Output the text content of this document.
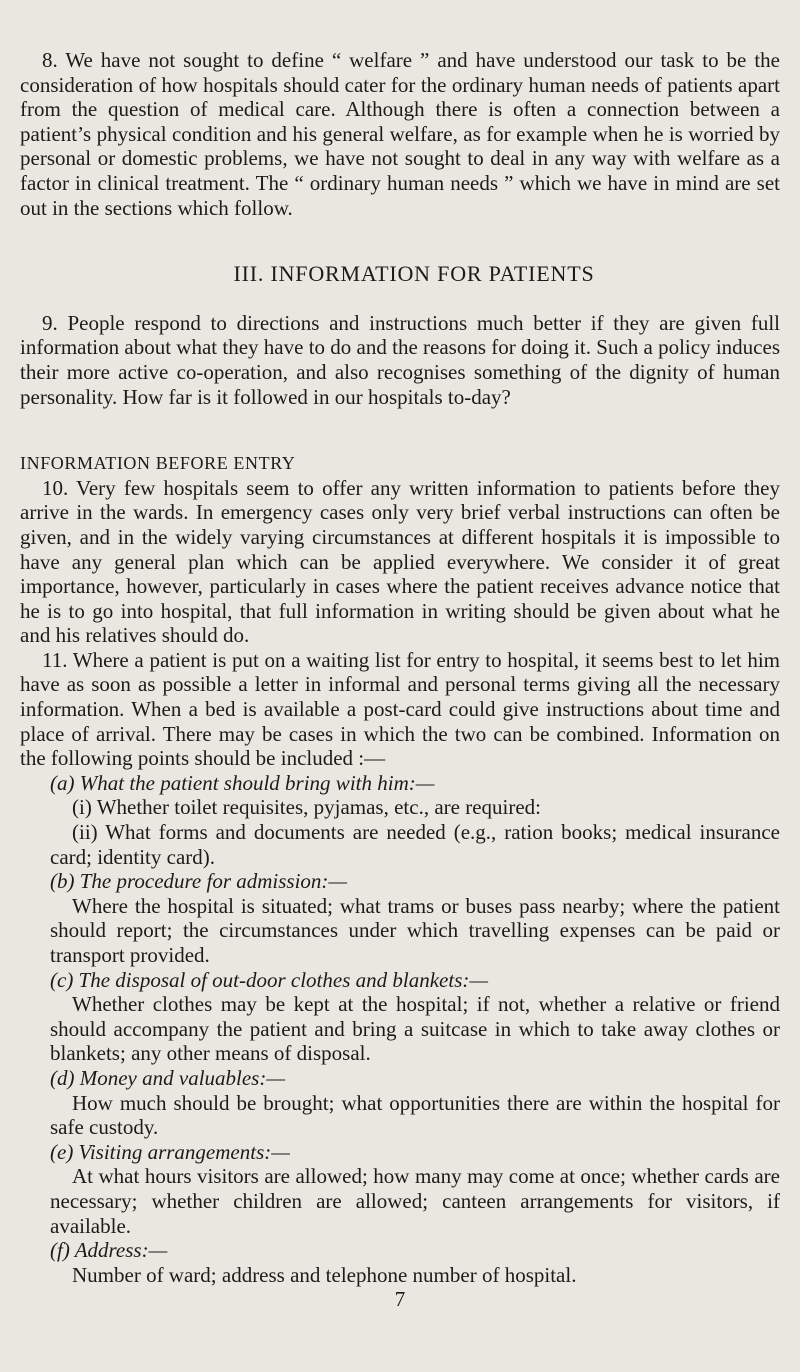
8. We have not sought to define “ welfare ” and have understood our task to be the consideration of how hospitals should cater for the ordinary human needs of patients apart from the question of medical care. Although there is often a connection between a patient’s physical condition and his general welfare, as for example when he is worried by personal or domestic problems, we have not sought to deal in any way with welfare as a factor in clinical treatment. The “ ordinary human needs ” which we have in mind are set out in the sections which follow.

III. INFORMATION FOR PATIENTS

9. People respond to directions and instructions much better if they are given full information about what they have to do and the reasons for doing it. Such a policy induces their more active co-operation, and also recognises something of the dignity of human personality. How far is it followed in our hospitals to-day?

INFORMATION BEFORE ENTRY

10. Very few hospitals seem to offer any written information to patients before they arrive in the wards. In emergency cases only very brief verbal instructions can often be given, and in the widely varying circumstances at different hospitals it is impossible to have any general plan which can be applied everywhere. We consider it of great importance, however, particularly in cases where the patient receives advance notice that he is to go into hospital, that full information in writing should be given about what he and his relatives should do.

11. Where a patient is put on a waiting list for entry to hospital, it seems best to let him have as soon as possible a letter in informal and personal terms giving all the necessary information. When a bed is available a post-card could give instructions about time and place of arrival. There may be cases in which the two can be combined. Information on the following points should be included :—

(a) What the patient should bring with him:—

(i) Whether toilet requisites, pyjamas, etc., are required:

(ii) What forms and documents are needed (e.g., ration books; medical insurance card; identity card).

(b) The procedure for admission:—

Where the hospital is situated; what trams or buses pass nearby; where the patient should report; the circumstances under which travelling expenses can be paid or transport provided.

(c) The disposal of out-door clothes and blankets:—

Whether clothes may be kept at the hospital; if not, whether a relative or friend should accompany the patient and bring a suitcase in which to take away clothes or blankets; any other means of disposal.

(d) Money and valuables:—

How much should be brought; what opportunities there are within the hospital for safe custody.

(e) Visiting arrangements:—

At what hours visitors are allowed; how many may come at once; whether cards are necessary; whether children are allowed; canteen arrangements for visitors, if available.

(f) Address:—

Number of ward; address and telephone number of hospital.

7
